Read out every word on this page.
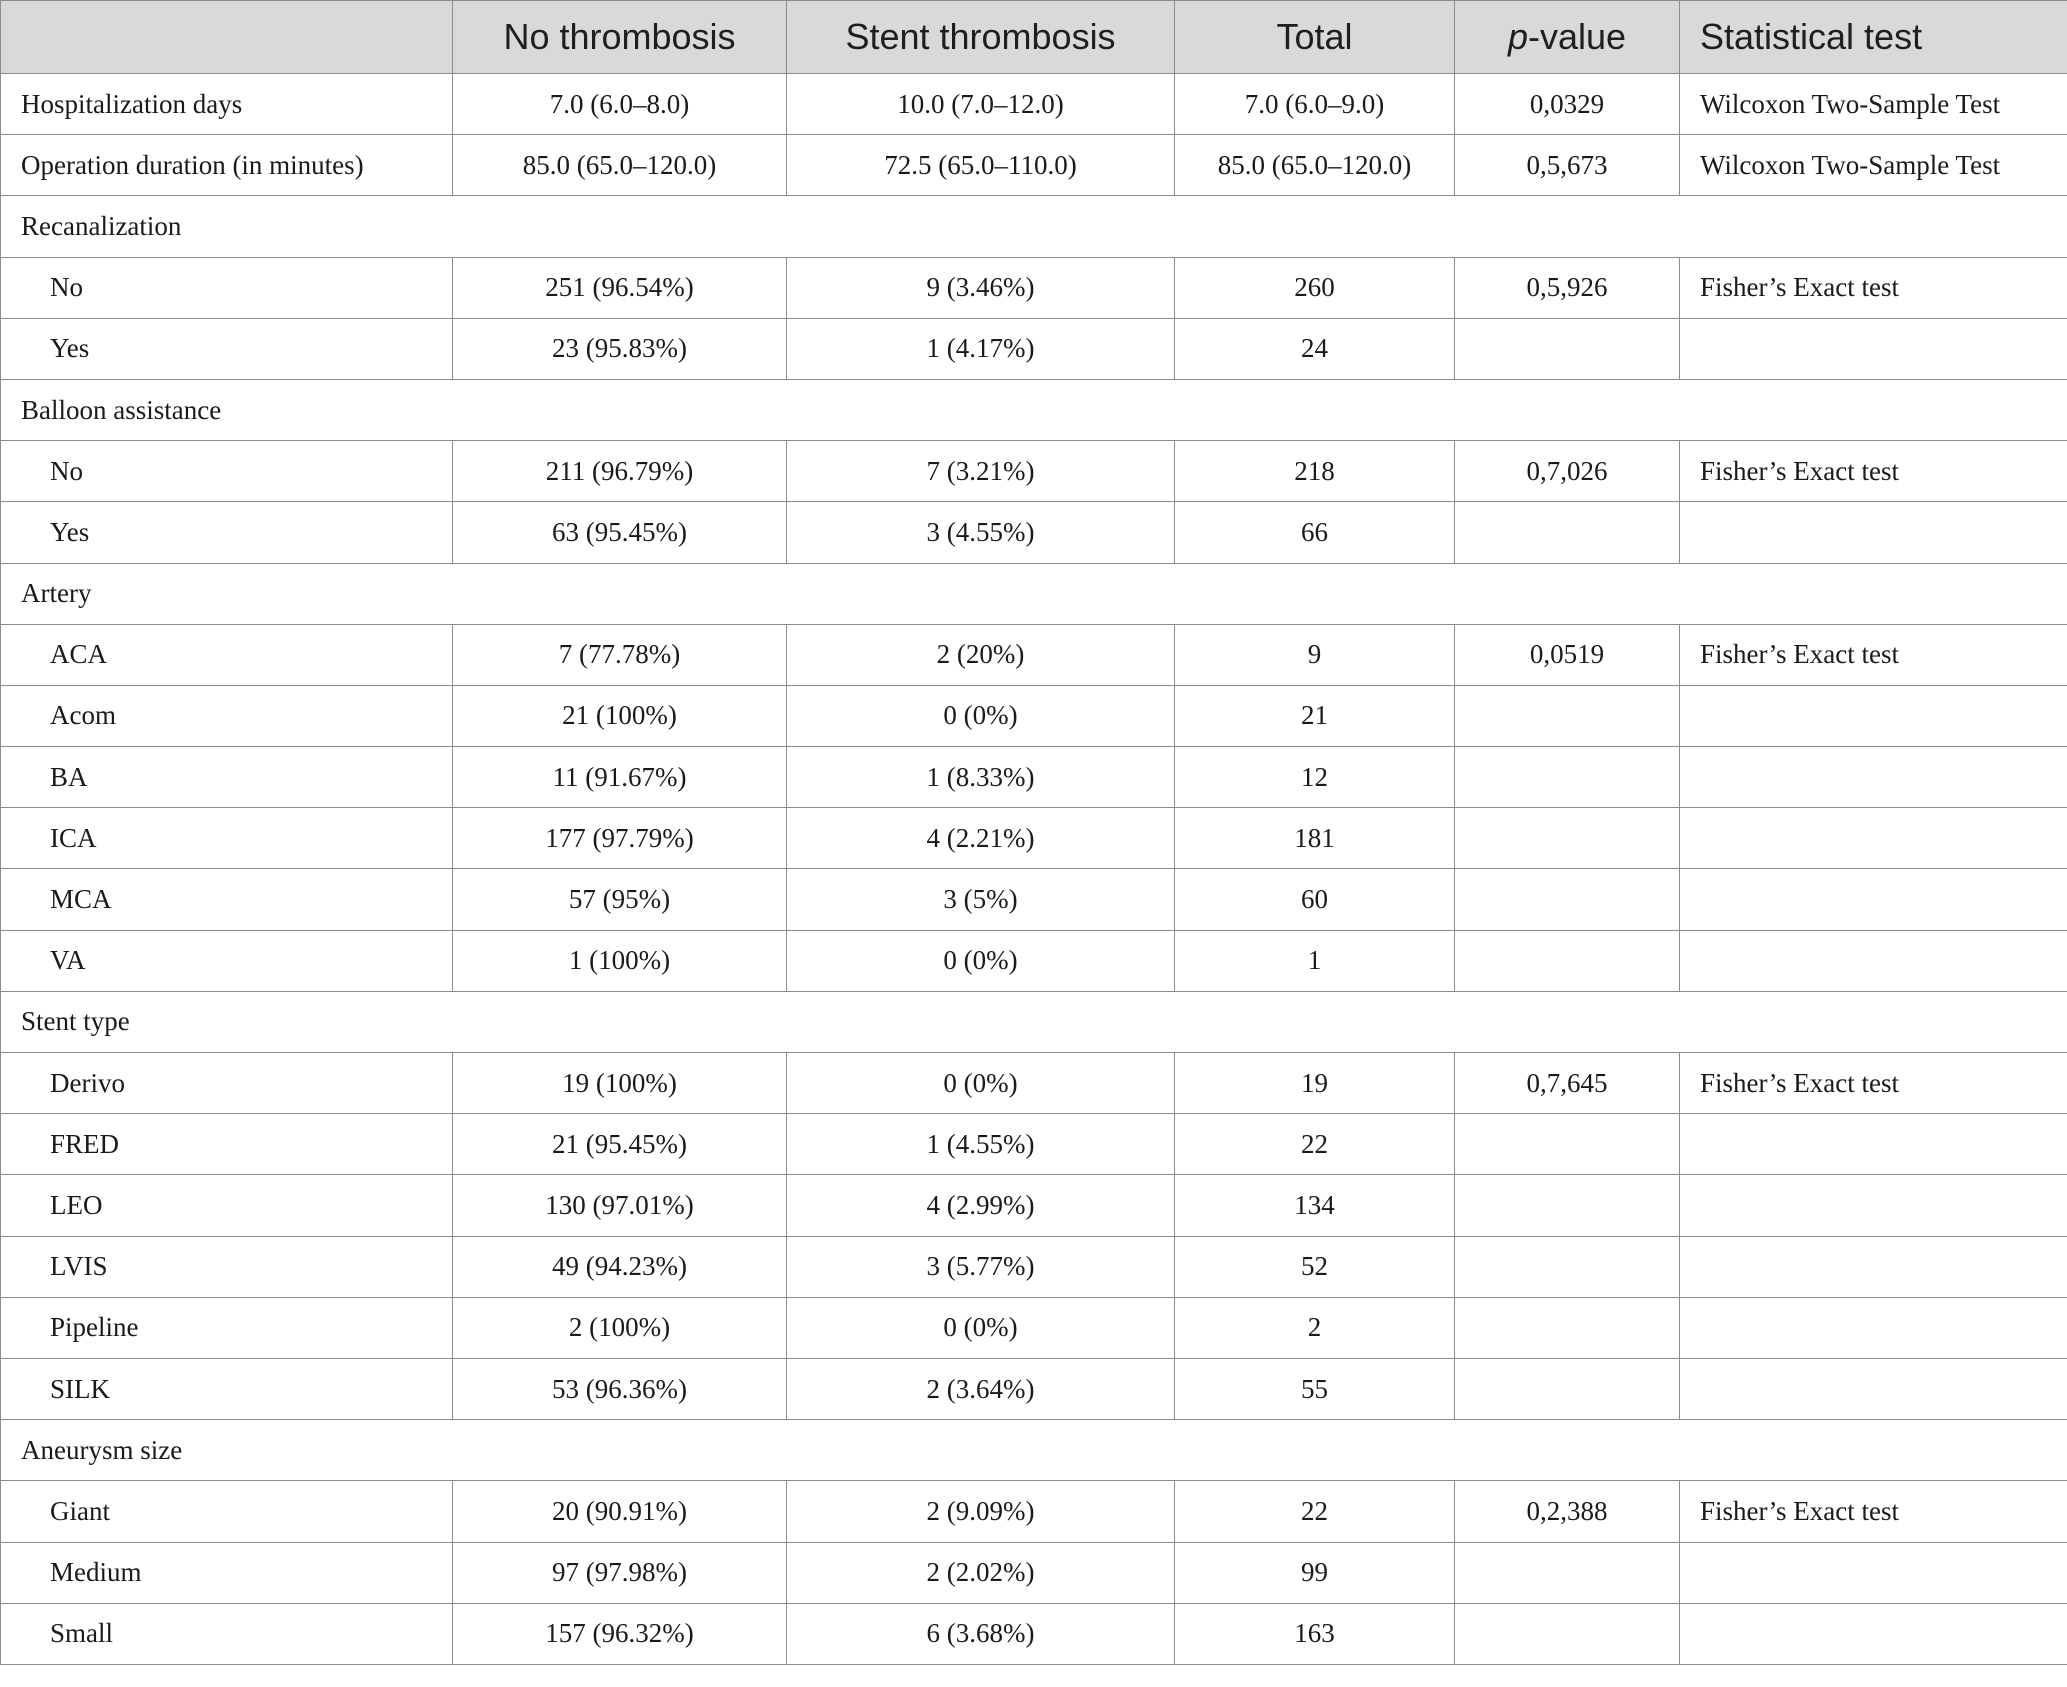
	No thrombosis	Stent thrombosis	Total	p-value	Statistical test
Hospitalization days	7.0 (6.0–8.0)	10.0 (7.0–12.0)	7.0 (6.0–9.0)	0,0329	Wilcoxon Two-Sample Test
Operation duration (in minutes)	85.0 (65.0–120.0)	72.5 (65.0–110.0)	85.0 (65.0–120.0)	0,5,673	Wilcoxon Two-Sample Test
Recanalization					
No	251 (96.54%)	9 (3.46%)	260	0,5,926	Fisher’s Exact test
Yes	23 (95.83%)	1 (4.17%)	24		
Balloon assistance					
No	211 (96.79%)	7 (3.21%)	218	0,7,026	Fisher’s Exact test
Yes	63 (95.45%)	3 (4.55%)	66		
Artery					
ACA	7 (77.78%)	2 (20%)	9	0,0519	Fisher’s Exact test
Acom	21 (100%)	0 (0%)	21		
BA	11 (91.67%)	1 (8.33%)	12		
ICA	177 (97.79%)	4 (2.21%)	181		
MCA	57 (95%)	3 (5%)	60		
VA	1 (100%)	0 (0%)	1		
Stent type					
Derivo	19 (100%)	0 (0%)	19	0,7,645	Fisher’s Exact test
FRED	21 (95.45%)	1 (4.55%)	22		
LEO	130 (97.01%)	4 (2.99%)	134		
LVIS	49 (94.23%)	3 (5.77%)	52		
Pipeline	2 (100%)	0 (0%)	2		
SILK	53 (96.36%)	2 (3.64%)	55		
Aneurysm size					
Giant	20 (90.91%)	2 (9.09%)	22	0,2,388	Fisher’s Exact test
Medium	97 (97.98%)	2 (2.02%)	99		
Small	157 (96.32%)	6 (3.68%)	163		
